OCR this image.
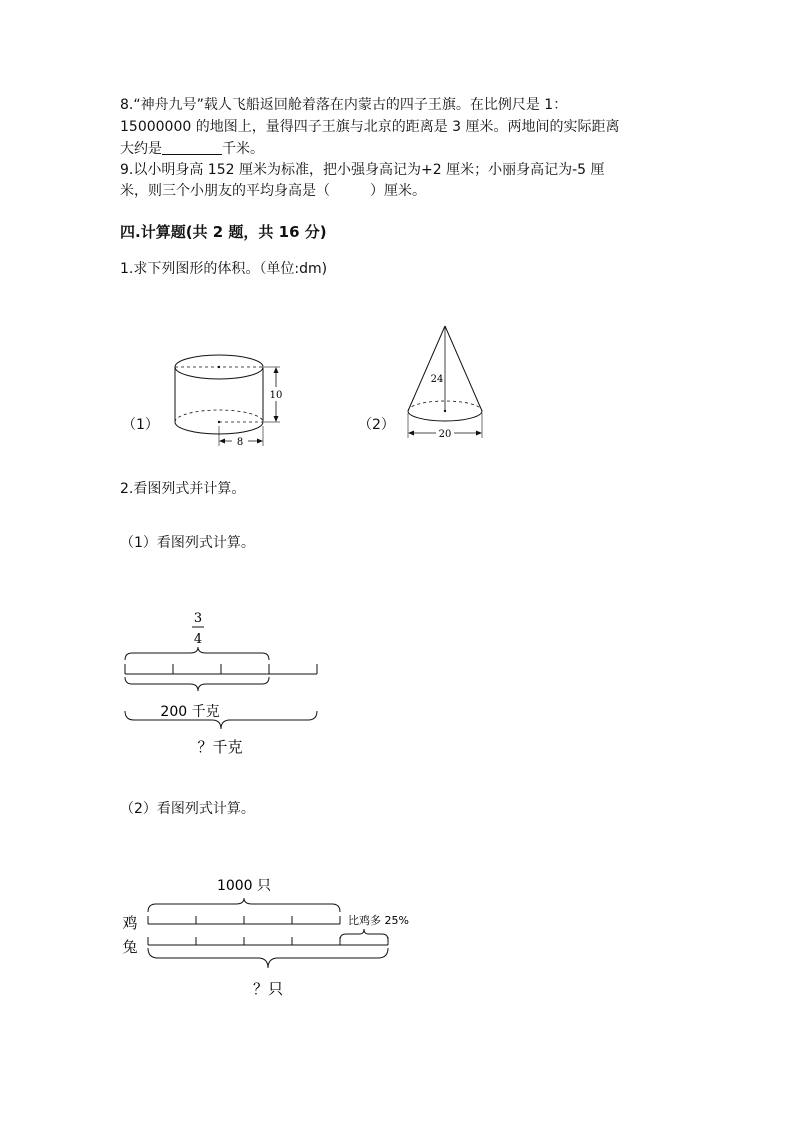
8.“神舟九号”载人飞船返回舱着落在内蒙古的四子王旗。在比例尺是 1：
15000000 的地图上，量得四子王旗与北京的距离是 3 厘米。两地间的实际距离
大约是	千米。
9.以小明身高 152 厘米为标准，把小强身高记为+2 厘米；小丽身高记为-5 厘
米，则三个小朋友的平均身高是（	）厘米。
四.计算题(共 2 题，共 16 分)
1.求下列图形的体积。（单位:dm)
（1）
10
8
（2）
24
20
2.看图列式并计算。
（1）看图列式计算。
3
4
200 千克
？千克
（2）看图列式计算。
1000 只
鸡
兔
比鸡多 25%
？只
